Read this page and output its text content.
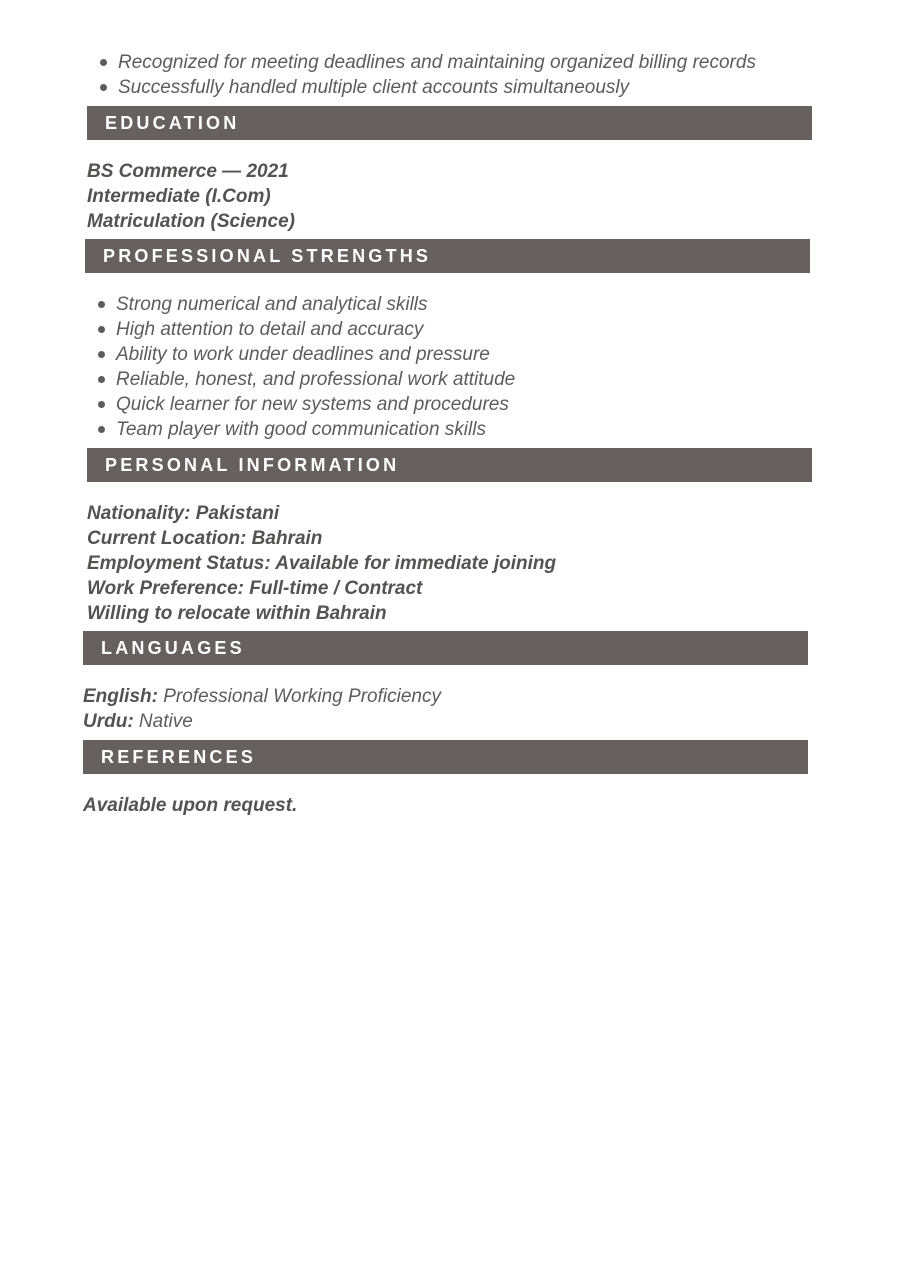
Recognized for meeting deadlines and maintaining organized billing records
Successfully handled multiple client accounts simultaneously
EDUCATION
BS Commerce — 2021
Intermediate (I.Com)
Matriculation (Science)
PROFESSIONAL STRENGTHS
Strong numerical and analytical skills
High attention to detail and accuracy
Ability to work under deadlines and pressure
Reliable, honest, and professional work attitude
Quick learner for new systems and procedures
Team player with good communication skills
PERSONAL INFORMATION
Nationality: Pakistani
Current Location: Bahrain
Employment Status: Available for immediate joining
Work Preference: Full-time / Contract
Willing to relocate within Bahrain
LANGUAGES
English: Professional Working Proficiency
Urdu: Native
REFERENCES
Available upon request.
